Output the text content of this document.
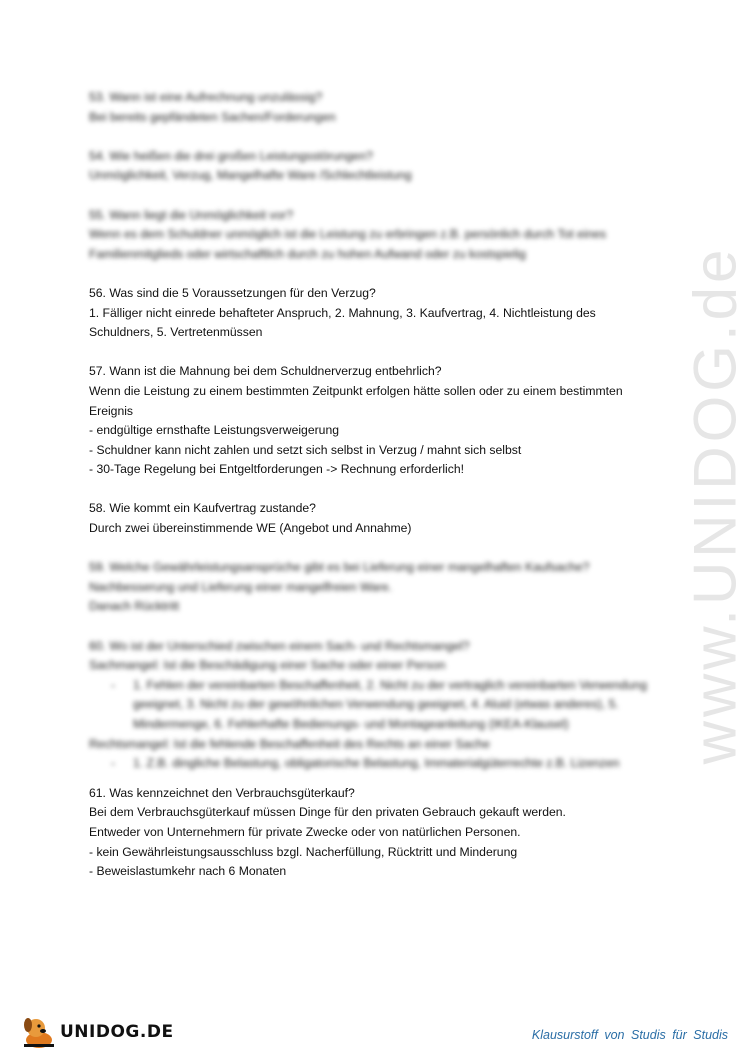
53. Wann ist eine Aufrechnung unzulässig?
Bei bereits gepfändeten Sachen/Forderungen
54. Wie heißen die drei großen Leistungsstörungen?
Unmöglichkeit, Verzug, Mangelhafte Ware /Schlechtleistung
55. Wann liegt die Unmöglichkeit vor?
Wenn es dem Schuldner unmöglich ist die Leistung zu erbringen z.B. persönlich durch Tot eines
Familienmitglieds oder wirtschaftlich durch zu hohen Aufwand oder zu kostspielig
56. Was sind die 5 Voraussetzungen für den Verzug?
1. Fälliger nicht einrede behafteter Anspruch, 2. Mahnung, 3. Kaufvertrag, 4. Nichtleistung des
Schuldners, 5. Vertretenmüssen
57. Wann ist die Mahnung bei dem Schuldnerverzug entbehrlich?
Wenn die Leistung zu einem bestimmten Zeitpunkt erfolgen hätte sollen oder zu einem bestimmten
Ereignis
- endgültige ernsthafte Leistungsverweigerung
- Schuldner kann nicht zahlen und setzt sich selbst in Verzug / mahnt sich selbst
- 30-Tage Regelung bei Entgeltforderungen -> Rechnung erforderlich!
58. Wie kommt ein Kaufvertrag zustande?
Durch zwei übereinstimmende WE (Angebot und Annahme)
59. Welche Gewährleistungsansprüche gibt es bei Lieferung einer mangelhaften Kaufsache?
Nachbesserung und Lieferung einer mangelfreien Ware.
Danach Rücktritt
60. Wo ist der Unterschied zwischen einem Sach- und Rechtsmangel?
Sachmangel: Ist die Beschädigung einer Sache oder einer Person
- 1. Fehlen der vereinbarten Beschaffenheit, 2. Nicht zu der vertraglich vereinbarten Verwendung geeignet, 3. Nicht zu der gewöhnlichen Verwendung geeignet, 4. Aluid (etwas anderes), 5. Mindermenge, 6. Fehlerhafte Bedienungs- und Montageanleitung (IKEA-Klausel)
Rechtsmangel: Ist die fehlende Beschaffenheit des Rechts an einer Sache
- 1. Z.B. dingliche Belastung, obligatorische Belastung, Immaterialgüterrechte z.B. Lizenzen
61. Was kennzeichnet den Verbrauchsgüterkauf?
Bei dem Verbrauchsgüterkauf müssen Dinge für den privaten Gebrauch gekauft werden.
Entweder von Unternehmern für private Zwecke oder von natürlichen Personen.
- kein Gewährleistungsausschluss bzgl. Nacherfüllung, Rücktritt und Minderung
- Beweislastumkehr nach 6 Monaten
www.UNIDOG.de
UNIDOG.DE	Klausurstoff von Studis für Studis
